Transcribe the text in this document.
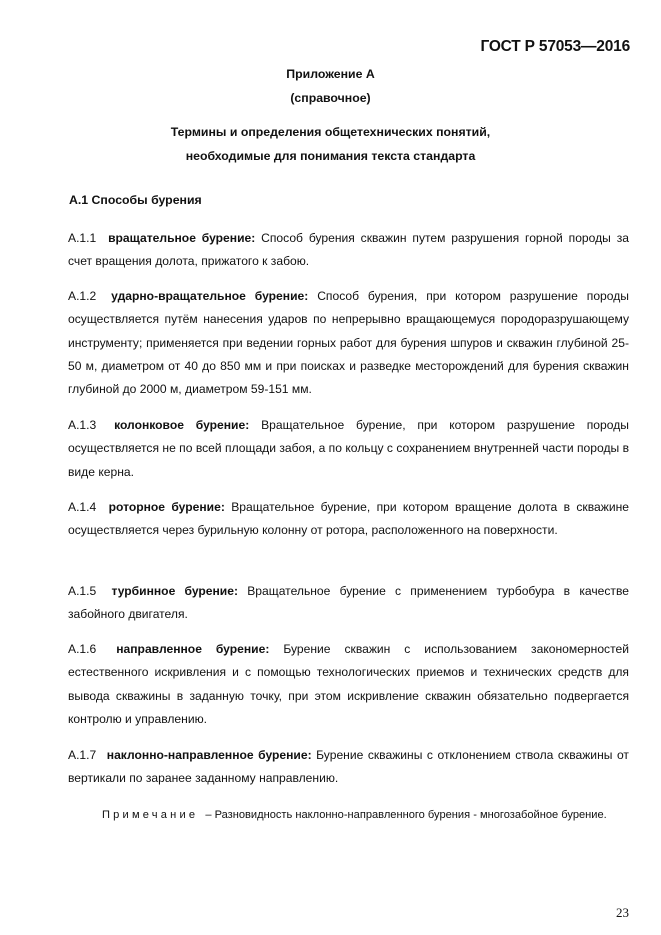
ГОСТ Р 57053—2016
Приложение А
(справочное)
Термины и определения общетехнических понятий,
необходимые для понимания текста стандарта
А.1 Способы бурения
А.1.1 вращательное бурение: Способ бурения скважин путем разрушения горной породы за счет вращения долота, прижатого к забою.
А.1.2 ударно-вращательное бурение: Способ бурения, при котором разрушение породы осуществляется путём нанесения ударов по непрерывно вращающемуся породоразрушающему инструменту; применяется при ведении горных работ для бурения шпуров и скважин глубиной 25-50 м, диаметром от 40 до 850 мм и при поисках и разведке месторождений для бурения скважин глубиной до 2000 м, диаметром 59-151 мм.
А.1.3 колонковое бурение: Вращательное бурение, при котором разрушение породы осуществляется не по всей площади забоя, а по кольцу с сохранением внутренней части породы в виде керна.
А.1.4 роторное бурение: Вращательное бурение, при котором вращение долота в скважине осуществляется через бурильную колонну от ротора, расположенного на поверхности.
А.1.5 турбинное бурение: Вращательное бурение с применением турбобура в качестве забойного двигателя.
А.1.6 направленное бурение: Бурение скважин с использованием закономерностей естественного искривления и с помощью технологических приемов и технических средств для вывода скважины в заданную точку, при этом искривление скважин обязательно подвергается контролю и управлению.
А.1.7 наклонно-направленное бурение: Бурение скважины с отклонением ствола скважины от вертикали по заранее заданному направлению.
Примечание – Разновидность наклонно-направленного бурения - многозабойное бурение.
23
